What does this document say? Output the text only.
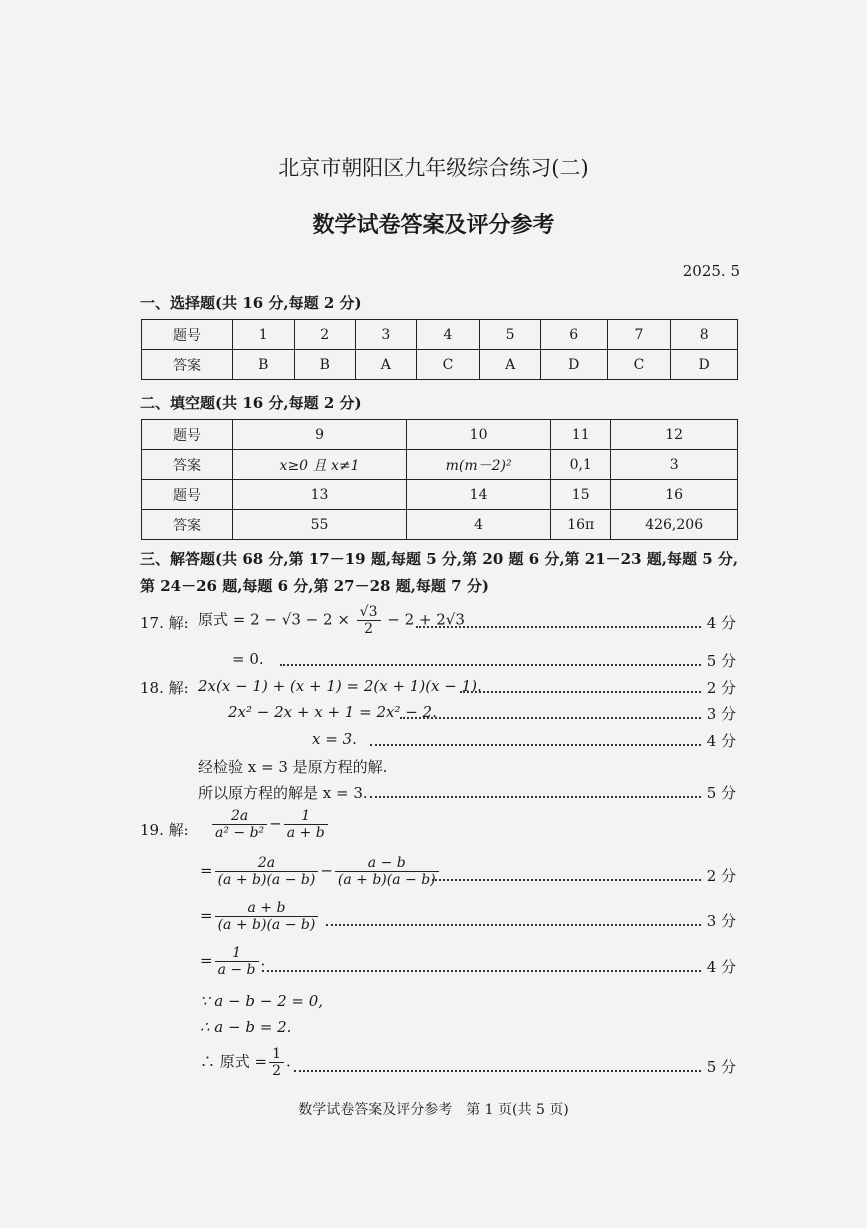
北京市朝阳区九年级综合练习(二)
数学试卷答案及评分参考
2025. 5
一、选择题(共 16 分,每题 2 分)
题号	1	2	3	4	5	6	7	8
答案	B	B	A	C	A	D	C	D
二、填空题(共 16 分,每题 2 分)
题号	9	10	11	12
答案	x≥0 且 x≠1	m(m－2)²	0,1	3
题号	13	14	15	16
答案	55	4	16π	426,206
三、解答题(共 68 分,第 17－19 题,每题 5 分,第 20 题 6 分,第 21－23 题,每题 5 分,第 24－26 题,每题 6 分,第 27－28 题,每题 7 分)
17. 解: 原式 = $2 - √3 - 2 \times \frac{√3}{2} - 2 + 2√3$	4 分
= 0.	5 分
18. 解: 2x(x − 1) + (x + 1) = 2(x + 1)(x − 1).	2 分
2x² − 2x + x + 1 = 2x² − 2.	3 分
x = 3.	4 分
经检验 x = 3 是原方程的解.
所以原方程的解是 x = 3.	5 分
19. 解: $\frac{2a}{\text{a² − b²}} - \frac{1}{a + b}$
= $\frac{2a}{(a + b)(a - b)} - \frac{a - b}{(a + b)(a - b)}$	2 分
= $\frac{a + b}{(a + b)(a - b)}$	3 分
= $\frac{1}{a - b}$ .	4 分
∵ a − b − 2 = 0,
∴ a − b = 2.
∴ 原式 = $\frac{1}{2}$ .	5 分
数学试卷答案及评分参考　第 1 页(共 5 页)
